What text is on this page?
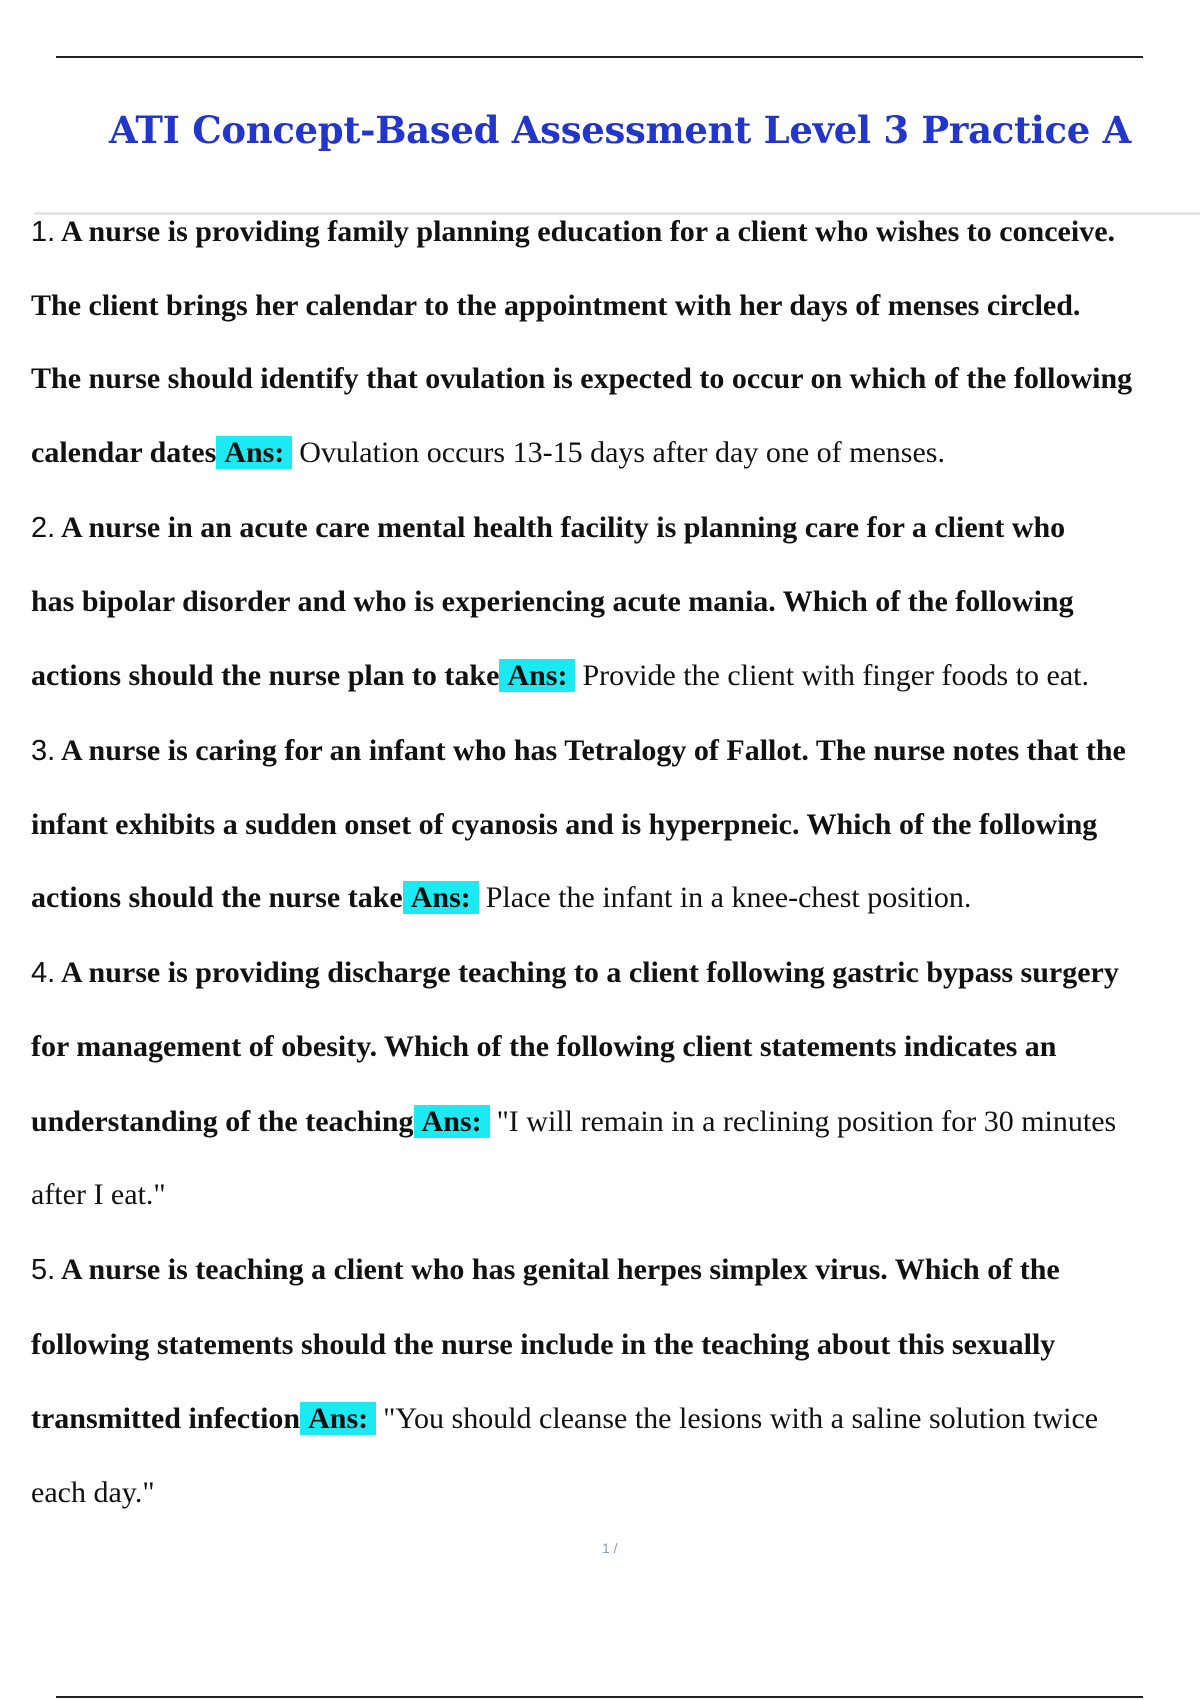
ATI Concept-Based Assessment Level 3 Practice A
1. A nurse is providing family planning education for a client who wishes to conceive.
The client brings her calendar to the appointment with her days of menses circled.
The nurse should identify that ovulation is expected to occur on which of the following
calendar dates Ans: Ovulation occurs 13-15 days after day one of menses.
2. A nurse in an acute care mental health facility is planning care for a client who
has bipolar disorder and who is experiencing acute mania. Which of the following
actions should the nurse plan to take Ans: Provide the client with finger foods to eat.
3. A nurse is caring for an infant who has Tetralogy of Fallot. The nurse notes that the
infant exhibits a sudden onset of cyanosis and is hyperpneic. Which of the following
actions should the nurse take Ans: Place the infant in a knee-chest position.
4. A nurse is providing discharge teaching to a client following gastric bypass surgery
for management of obesity. Which of the following client statements indicates an
understanding of the teaching Ans: "I will remain in a reclining position for 30 minutes
after I eat."
5. A nurse is teaching a client who has genital herpes simplex virus. Which of the
following statements should the nurse include in the teaching about this sexually
transmitted infection Ans: "You should cleanse the lesions with a saline solution twice
each day."
1 /
